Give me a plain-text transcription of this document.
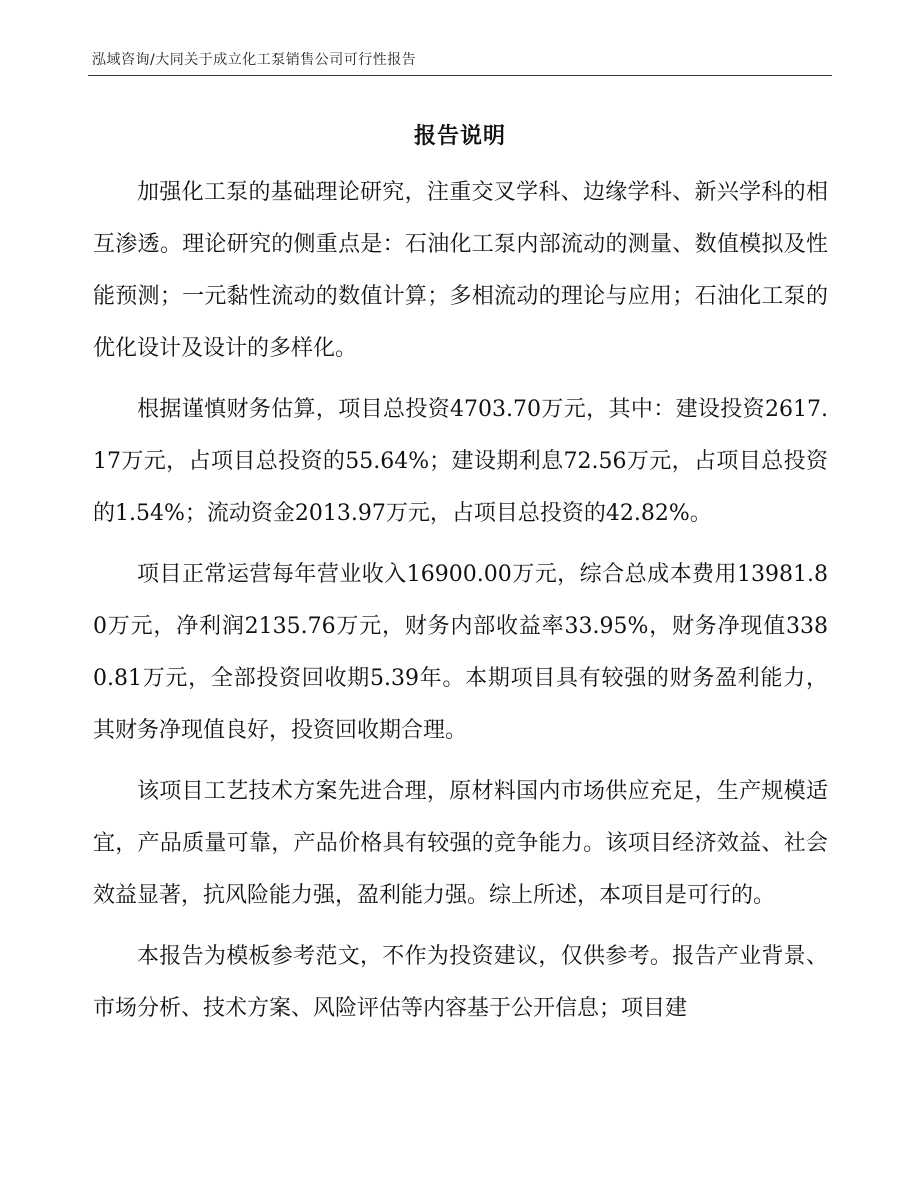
泓域咨询/大同关于成立化工泵销售公司可行性报告
报告说明

加强化工泵的基础理论研究，注重交叉学科、边缘学科、新兴学科的相互渗透。理论研究的侧重点是：石油化工泵内部流动的测量、数值模拟及性能预测；一元黏性流动的数值计算；多相流动的理论与应用；石油化工泵的优化设计及设计的多样化。

根据谨慎财务估算，项目总投资4703.70万元，其中：建设投资2617.17万元，占项目总投资的55.64%；建设期利息72.56万元，占项目总投资的1.54%；流动资金2013.97万元，占项目总投资的42.82%。

项目正常运营每年营业收入16900.00万元，综合总成本费用13981.80万元，净利润2135.76万元，财务内部收益率33.95%，财务净现值3380.81万元，全部投资回收期5.39年。本期项目具有较强的财务盈利能力，其财务净现值良好，投资回收期合理。

该项目工艺技术方案先进合理，原材料国内市场供应充足，生产规模适宜，产品质量可靠，产品价格具有较强的竞争能力。该项目经济效益、社会效益显著，抗风险能力强，盈利能力强。综上所述，本项目是可行的。

本报告为模板参考范文，不作为投资建议，仅供参考。报告产业背景、市场分析、技术方案、风险评估等内容基于公开信息；项目建
